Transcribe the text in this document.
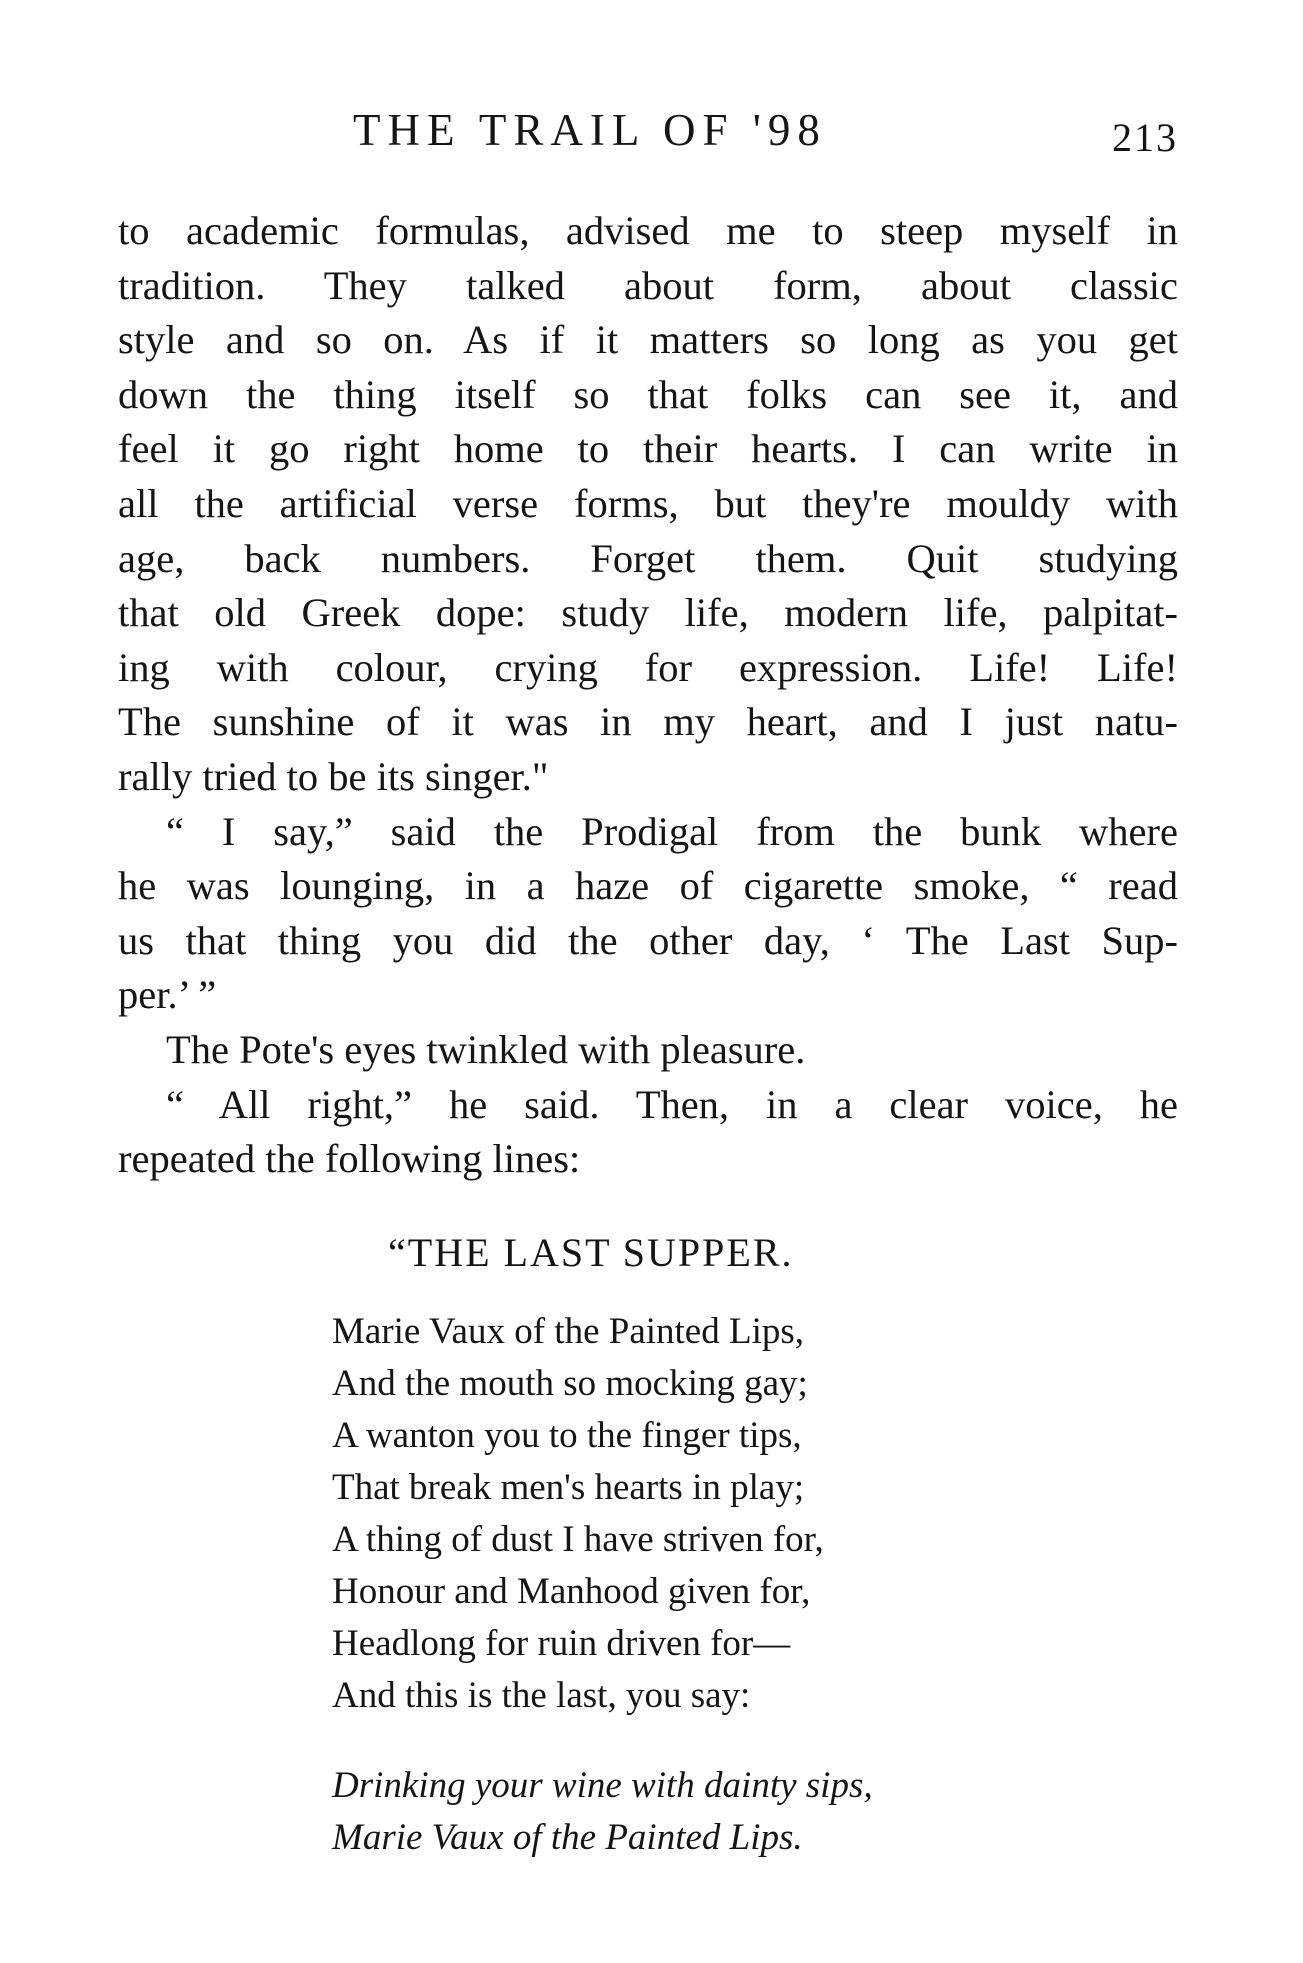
THE TRAIL OF '98	213
to academic formulas, advised me to steep myself in
tradition. They talked about form, about classic
style and so on. As if it matters so long as you get
down the thing itself so that folks can see it, and
feel it go right home to their hearts. I can write in
all the artificial verse forms, but they're mouldy with
age, back numbers. Forget them. Quit studying
that old Greek dope: study life, modern life, palpitat-
ing with colour, crying for expression. Life! Life!
The sunshine of it was in my heart, and I just natu-
rally tried to be its singer."
“ I say,” said the Prodigal from the bunk where
he was lounging, in a haze of cigarette smoke, “ read
us that thing you did the other day, ‘ The Last Sup-
per.’ ”
The Pote's eyes twinkled with pleasure.
“ All right,” he said. Then, in a clear voice, he
repeated the following lines:
“THE LAST SUPPER.
Marie Vaux of the Painted Lips,
And the mouth so mocking gay;
A wanton you to the finger tips,
That break men's hearts in play;
A thing of dust I have striven for,
Honour and Manhood given for,
Headlong for ruin driven for—
And this is the last, you say:
Drinking your wine with dainty sips,
Marie Vaux of the Painted Lips.
